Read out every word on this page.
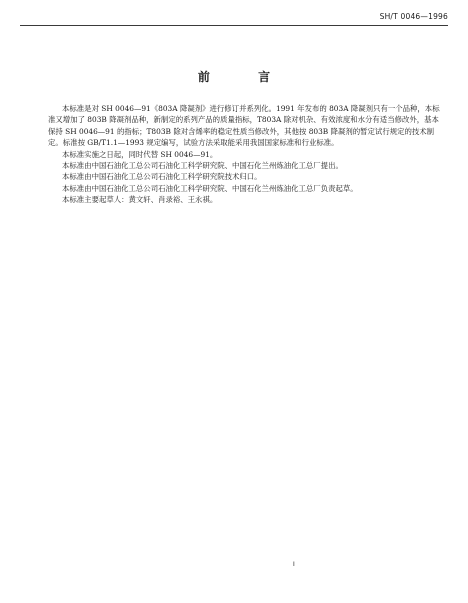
SH/T 0046—1996
前 言

本标准是对 SH 0046—91《803A 降凝剂》进行修订并系列化。1991 年发布的 803A 降凝剂只有一个品种，本标准又增加了 803B 降凝剂品种，新制定的系列产品的质量指标，T803A 除对机杂、有效浓度和水分有适当修改外，基本保持 SH 0046—91 的指标；T803B 除对含烯率的稳定性质当修改外，其他按 803B 降凝剂的暂定试行规定的技术制定。标准按 GB/T1.1—1993 规定编写，试验方法采取能采用我国国家标准和行业标准。

本标准实施之日起，同时代替 SH 0046—91。

本标准由中国石油化工总公司石油化工科学研究院、中国石化兰州炼油化工总厂提出。

本标准由中国石油化工总公司石油化工科学研究院技术归口。

本标准由中国石油化工总公司石油化工科学研究院、中国石化兰州炼油化工总厂负责起草。

本标准主要起草人：黄文轩、肖录裕、王永祺。

I
